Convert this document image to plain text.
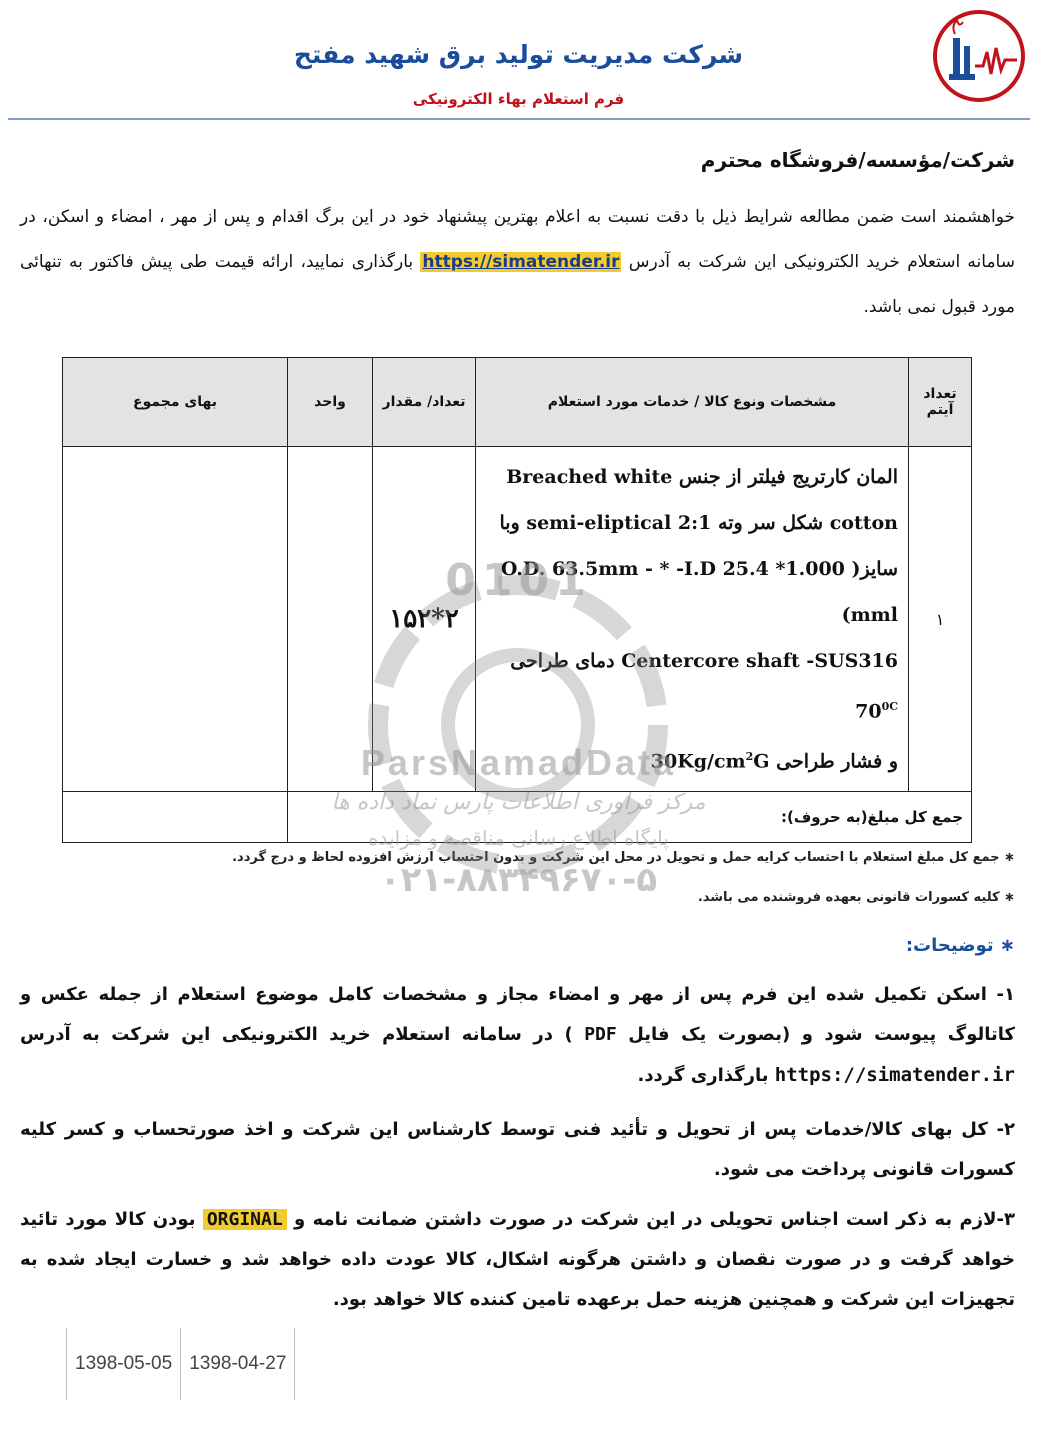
شرکت مدیریت تولید برق شهید مفتح
فرم استعلام بهاء الکترونیکی
شرکت/مؤسسه/فروشگاه محترم
خواهشمند است ضمن مطالعه شرایط ذیل با دقت نسبت به اعلام بهترین پیشنهاد خود در این برگ اقدام و پس از مهر ، امضاء و اسکن، در سامانه استعلام خرید الکترونیکی این شرکت به آدرس https://simatender.ir بارگذاری نمایید، ارائه قیمت طی پیش فاکتور به تنهائی مورد قبول نمی باشد.
تعداد آیتم	مشخصات ونوع کالا / خدمات مورد استعلام	تعداد/ مقدار	واحد	بهای مجموع
۱	المان کارتریج فیلتر از جنس Breached white
cotton شکل سر وته 2:1 semi-eliptical وبا
سایز( O.D. 63.5mm - * -I.D 25.4 *1.000 mml)
Centercore shaft -SUS316 دمای طراحی $70^{0C}$
و فشار طراحی $30Kg/cm^2G$	۲*۱۵۲		
جمع کل مبلغ(به حروف):				
∗ جمع کل مبلغ استعلام با احتساب کرایه حمل و تحویل در محل این شرکت و بدون احتساب ارزش افزوده لحاظ و درج گردد.
∗ کلیه کسورات قانونی بعهده فروشنده می باشد.
∗ توضیحات:
۱- اسکن تکمیل شده این فرم پس از مهر و امضاء مجاز و مشخصات کامل موضوع استعلام از جمله عکس و کاتالوگ پیوست شود و (بصورت یک فایل PDF ) در سامانه استعلام خرید الکترونیکی این شرکت به آدرس https://simatender.ir بارگذاری گردد.
۲- کل بهای کالا/خدمات پس از تحویل و تأئید فنی توسط کارشناس این شرکت و اخذ صورتحساب و کسر کلیه کسورات قانونی پرداخت می شود.
۳-لازم به ذکر است اجناس تحویلی در این شرکت در صورت داشتن ضمانت نامه و ORGINAL بودن کالا مورد تائید خواهد گرفت و در صورت نقصان و داشتن هرگونه اشکال، کالا عودت داده خواهد شد و خسارت ایجاد شده به تجهیزات این شرکت و همچنین هزینه حمل برعهده تامین کننده کالا خواهد بود.
1398-05-05	1398-04-27
0101
ParsNamadData
مرکز فراوری اطلاعات پارس نماد داده ها
پایگاه اطلاع رسانی مناقصه و مزایده
۰۲۱-۸۸۳۴۹۶۷۰-۵
